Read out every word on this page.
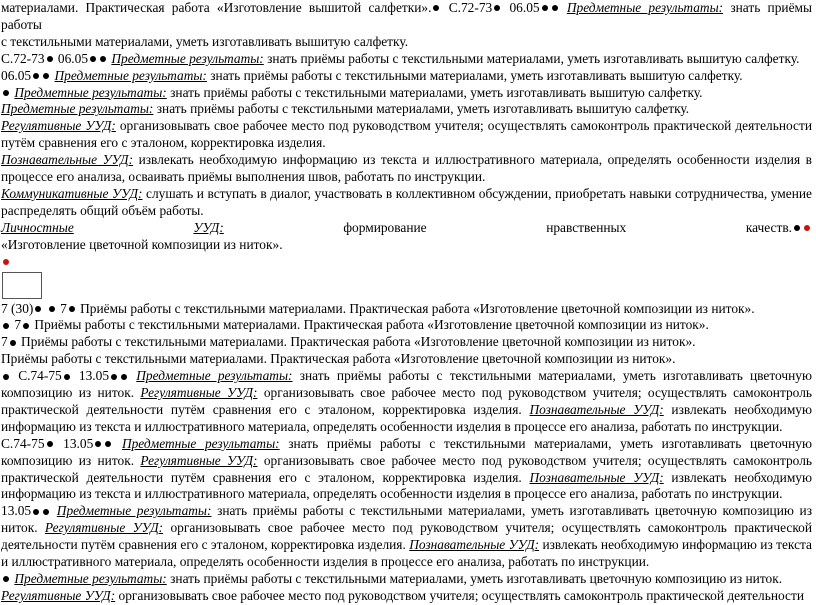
материалами. Практическая работа «Изготовление вышитой салфетки». С.72-73 06.05 Предметные результаты: знать приёмы работы

с текстильными материалами, уметь изготавливать вышитую салфетку.

С.72-73 06.05 Предметные результаты: знать приёмы работы с текстильными материалами, уметь изготавливать вышитую салфетку.

06.05 Предметные результаты: знать приёмы работы с текстильными материалами, уметь изготавливать вышитую салфетку.

Предметные результаты: знать приёмы работы с текстильными материалами, уметь изготавливать вышитую салфетку.

Предметные результаты: знать приёмы работы с текстильными материалами, уметь изготавливать вышитую салфетку.

Регулятивные УУД: организовывать свое рабочее место под руководством учителя; осуществлять самоконтроль практической деятельности путём сравнения его с эталоном, корректировка изделия.

Познавательные УУД: извлекать необходимую информацию из текста и иллюстративного материала, определять особенности изделия в процессе его анализа, осваивать приёмы выполнения швов, работать по инструкции.

Коммуникативные УУД: слушать и вступать в диалог, участвовать в коллективном обсуждении, приобретать навыки сотрудничества, умение распределять общий объём работы.

Личностные	УУД:	формирование	нравственных	качеств.

«Изготовление цветочной композиции из ниток».

7 (30)  7 Приёмы работы с текстильными материалами. Практическая работа «Изготовление цветочной композиции из ниток».

7 Приёмы работы с текстильными материалами. Практическая работа «Изготовление цветочной композиции из ниток».

7 Приёмы работы с текстильными материалами. Практическая работа «Изготовление цветочной композиции из ниток».

Приёмы работы с текстильными материалами. Практическая работа «Изготовление цветочной композиции из ниток».

С.74-75 13.05 Предметные результаты: знать приёмы работы с текстильными материалами, уметь изготавливать цветочную композицию из ниток. Регулятивные УУД: организовывать свое рабочее место под руководством учителя; осуществлять самоконтроль практической деятельности путём сравнения его с эталоном, корректировка изделия. Познавательные УУД: извлекать необходимую информацию из текста и иллюстративного материала, определять особенности изделия в процессе его анализа, работать по инструкции.

С.74-75 13.05 Предметные результаты: знать приёмы работы с текстильными материалами, уметь изготавливать цветочную композицию из ниток. Регулятивные УУД: организовывать свое рабочее место под руководством учителя; осуществлять самоконтроль практической деятельности путём сравнения его с эталоном, корректировка изделия. Познавательные УУД: извлекать необходимую информацию из текста и иллюстративного материала, определять особенности изделия в процессе его анализа, работать по инструкции.

13.05 Предметные результаты: знать приёмы работы с текстильными материалами, уметь изготавливать цветочную композицию из ниток. Регулятивные УУД: организовывать свое рабочее место под руководством учителя; осуществлять самоконтроль практической деятельности путём сравнения его с эталоном, корректировка изделия. Познавательные УУД: извлекать необходимую информацию из текста и иллюстративного материала, определять особенности изделия в процессе его анализа, работать по инструкции.

Предметные результаты: знать приёмы работы с текстильными материалами, уметь изготавливать цветочную композицию из ниток.

Регулятивные УУД: организовывать свое рабочее место под руководством учителя; осуществлять самоконтроль практической деятельности
